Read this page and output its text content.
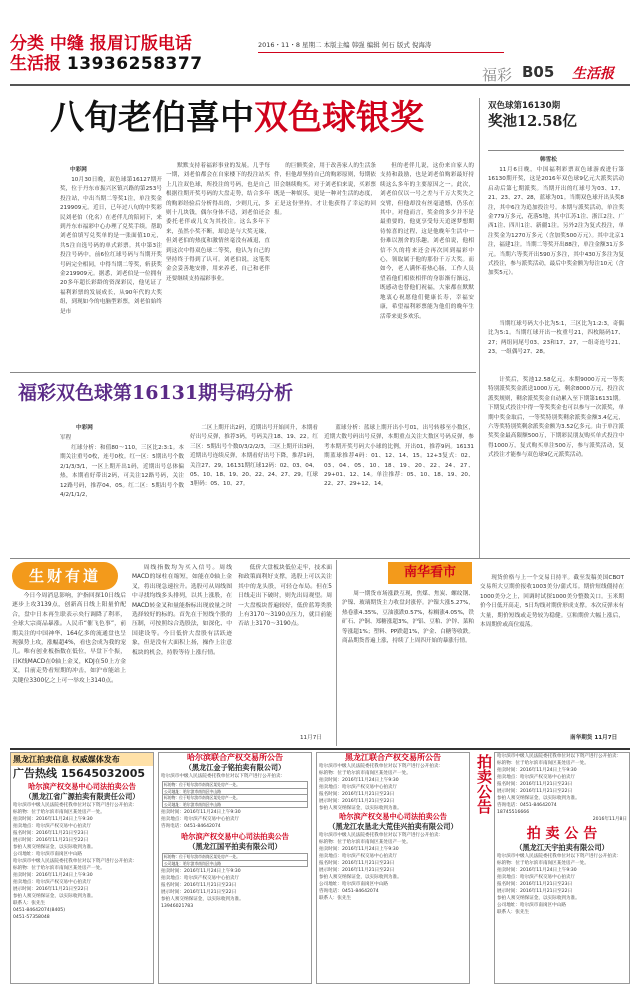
分类 中缝 报眉订版电话
生活报 13936258377
2016・11・8 星期二 本版主编 韩强 编辑 何石 版式 倪海涛
福彩 B05 生活报
八旬老伯喜中双色球银奖
中彩网

10月30日晚，双色球第16127期开奖，位于丹东市振兴区镇兴路的第253号投注站，中出当期二等奖1注，单注奖金219909元。近日，已年过八旬的中奖彩民刘老伯（化名）在老伴儿的陪同下，来到丹东市福彩中心办理了兑奖手续。帮助刘老伯填写兑奖单的是一张面值10元，共5注自选号码的单式彩票。其中第3注投注号码中，前6位红球号码与当期开奖号码完全相同，中得当期二等奖，斩获奖金219909元。据悉，刘老伯是一位拥有20多年超长彩龄的资深彩民，他见证了福利彩票的发展成长，从90年代的大奖组，到现如今的电脑型彩票，刘老伯始终是市

默默支持着福彩事业的发展。几乎每一期，刘老伯都会在自家楼下的投注站买上几注双色球，所投注的号码，也是自己根据往期开奖号码的大盘走势，结合多年的购彩经验后分析得出的，少则几元，多则十几块钱，偶尔身体不适，刘老伯还会委托老伴或儿女为其投注。这么多年下来，虽然小奖不断，却总是与大奖无缘，但刘老伯的热度和激情丝毫没有减退，直到这次中得双色球二等奖，他认为自己的坚持终于得到了认可。刘老伯说，这笔奖金会妥善地安排，用来养老，自己和老伴还要继续支持福彩事业。

的巨额奖金，用于改善家人的生活条件，但他却坚持自己的购彩原则，每期依旧会继续购买。对于刘老伯来说，买彩票既是一种娱乐，更是一种对生活的态度，正是这份坚持，才让他获得了幸运的回报。

但的老伴儿说，这份来自家人的支持和鼓励，也是刘老伯购彩最好持续这么多年的主要原因之一。此次，刘老伯仅以一号之差与千万大奖失之交臂，但他却没有丝毫遗憾，仍乐在其中。对他而言，奖金的多少并不是最重要的，他更享受每天追逐梦想期待惊喜的过程，这是他晚年生活中一份难以割舍的乐趣。刘老伯说，他相信不久的将来还会再次回到福彩中心，领取属于他的那份千万大奖。而如今，老人满怀着热心肠，工作人员望着他们相依相伴的身影渐行渐远，既感动也替他们祝福，大家都在默默地衷心祝愿他们健康长寿，幸福安康，希望福利彩票能为他们的晚年生活带来更多欢乐。

双色球第16130期
奖池12.58亿
韩雪松

11月6日晚，中国福利彩票双色球游戏进行第16130期开奖，这是2016年双色球9亿元大派奖活动启动后第七期派奖。当期开出的红球号为03、17、21、23、27、28，蓝球为01。当期双色球开出头奖8注，其中6注为追加投注号。本期与派奖活动，单注奖金779万多元，花落5地，其中江苏1注、浙江2注、广西1注、四川1注、新疆1注。另外2注为复式投注，单注奖金为1270万多元（含加奖500万元）。其中北京1注，福建1注。当期二等奖开出88注，单注金额31万多元。当期六等奖开出590万多注，其中430万多注为复式投注，参与派奖活动，最后中奖金额为每注10元（含加奖5元）。

当期红球号码大小比为5:1，三区比为1:2:3，奇偶比为5:1。当期红球开出一枚重号21，四枚隔码17、27；两组同尾号03、23和17、27，一组奇连号21、23，一组偶号27、28。

计奖后，奖池12.58亿元。本期9000万元一等奖特别派奖奖金派送1000万元，剩余8000万元，投注次派奖规则，剩余派奖奖金自动累入至下期第16131期。下期复式投注中得一等奖奖金也可以参与一次派奖，单期中奖金取后，一等奖特别奖剩余派奖金额3.4亿元，六等奖特别奖剩余派奖金额为3.52亿多元。由于单注派奖奖金最高限额500万，下期彩民朋友购买单式投注中得1000万，复式购买单注500万，参与派奖活动，复式投注才能参与双色球9亿元派奖活动。

福彩双色球第16131期号码分析
中彩网
军程

红球分析：和值80～110，三区比2:3:1。本期关注重号0枚，连号0枚。红一区：5期出号个数2/1/3/3/1，一区上期开出1码，近期出号总体偏热，本期看好带出2码，可关注12路号码，关注12路号码，推荐04、05。红二区：5期出号个数4/2/1/1/2，

二区上期开出2码，近期出号开始回升，本期看好出号反弹，推荐3码，号码关注18、19、22。红三区：5期出号个数0/3/2/2/3，三区上期开出3码，近期出号连续反弹，本期看好出号下降，推荐1码，关注27、29。16131期红球12码：02、03、04、05、10、18、19、20、22、24、27、29。红球3胆码：05、10、27。

蓝球分析：蓝球上期开出小号01，出号转移至小数区，近期大数号码出号反弹，本期重点关注大数区号码反弹，参考本期开奖号码大小球的比例，开出01，推荐9码。16131期蓝球推荐4码：01、12、14、15。12+3复式：02、03、04、05、10、18、19、20、22、24、27、29+01、12、14。单注推荐：05、10、18、19、20、22、27、29+12、14。

生财有道

今日今周消息影响，沪指回探10日线后逐步上攻3139点，创新高日线上阳量价配合，盘中日本再生联表示央行调降了利率，全球大宗商品暴涨。人民币“催飞色事”，前期关注的中国神华、164亿多的流通盘也呈现强势上攻，涨幅超4%，看也会成为我的宠儿。唯有创业板指数在低位，早盘下个振，日K线MACD在0轴上金叉，KDJ在50上方金叉，目前走势看短期的冲击，如沪市能站上关键位3300亿之上可一举攻上3140点。

周线指数均为买入信号。周线MACD的绿柱在缩短，如能在0轴上金叉，将出现急速拉升。选股可从周线图中寻找均线多头排列，以其上涨股，在MACD转金叉和量能指标出现放量之时选择较好的标的。首先在于短线个股的压制，可按照综合选股法，如深化、中国建设等。今日低价大盘股有活跃迹象，但是没有大面积上扬，操作上注意板块的机会，持股等待上涨行情。

低价大盘板块低位走牢，技术面和政策面利好支撑，选股上可以关注其中的龙头股，可轻仓布局。但在5日线走出下破时，则先出局观望。周一大盘板块普遍较好，低价蓝筹类股上有3170～3190点压力，就目前能否站上3170～3190点。

11月7日
南华看市

周一期货市场涨跌互现，焦煤、焦炭、螺纹钢、沪镍、玻璃期货主力收盘封涨停。沪镍大涨5.27%，热卷涨4.35%，豆油涨跌0.57%，棕榈涨4.05%，铁矿石、沪铜、郑糖涨超3%，沪铝、豆粕、沪锌、菜粕等涨超1%；塑料、PP跌超1%，沪金、白糖等收跌。商品期货普遍上涨，持续了上周四开始的暴涨行情。

现货价格与上一个交易日持平。截至发稿美国CBOT交易所大豆期价报收1003美分/蒲式耳。期价短线僵持在1000美分之上，回调时试探1000美分整数关口。玉米期价今日低开高走，5日均线对期价形成支撑。本次反弹未有大量，期价短线或走势较为稳健。豆粕期价大幅上涨后，本周期价或高位震荡。

南华期货 11月7日
黑龙江拍卖信息 权威媒体发布
广告热线 15645032005
哈尔滨产权交易中心司法拍卖公告
（黑龙江省广源拍卖有限责任公司）
哈尔滨市中级人民法院委托我单位对以下资产进行公开拍卖：
标的物：位于哈尔滨市南岗区某处房产一处。
拍卖时间：2016年11月24日上午9:30
拍卖地点：哈尔滨产权交易中心拍卖厅
报名时间：2016年11月21日至23日
展示时间：2016年11月21日至22日
参拍人须交纳保证金，以实际收到为准。
公司地址：哈尔滨市南岗区中山路
哈尔滨市中级人民法院委托我单位对以下资产进行公开拍卖：
标的物：位于哈尔滨市南岗区某处房产一处。
拍卖时间：2016年11月24日上午9:30
拍卖地点：哈尔滨产权交易中心拍卖厅
展示时间：2016年11月21日至22日
参拍人须交纳保证金，以实际收到为准。
联系人：张先生
0451-84642074(8405)
0451-57358048
哈尔滨联合产权交易所公告
（黑龙江金子铭拍卖有限公司）
哈尔滨市中级人民法院委托我单位对以下资产进行公开拍卖：
标的物：位于哈尔滨市南岗区某处房产一处。
公司地址：哈尔滨市南岗区中山路
标的物：位于哈尔滨市南岗区某处房产一处。
公司地址：哈尔滨市南岗区中山路
拍卖时间：2016年11月24日上午9:30
拍卖地点：哈尔滨产权交易中心拍卖厅
咨询电话：0451-84642074
哈尔滨产权交易中心司法拍卖公告
（黑龙江国平拍卖有限公司）
标的物：位于哈尔滨市南岗区某处房产一处。
公司地址：哈尔滨市南岗区中山路
拍卖时间：2016年11月24日上午9:30
拍卖地点：哈尔滨产权交易中心拍卖厅
报名时间：2016年11月21日至23日
展示时间：2016年11月21日至22日
参拍人须交纳保证金，以实际收到为准。
13946021783
黑龙江联合产权交易所公告
哈尔滨市中级人民法院委托我单位对以下资产进行公开拍卖：
标的物：位于哈尔滨市南岗区某处房产一处。
拍卖时间：2016年11月24日上午9:30
拍卖地点：哈尔滨产权交易中心拍卖厅
报名时间：2016年11月21日至23日
展示时间：2016年11月21日至22日
参拍人须交纳保证金，以实际收到为准。
哈尔滨产权交易中心司法拍卖公告
（黑龙江农垦北大荒佳兴拍卖有限公司）
哈尔滨市中级人民法院委托我单位对以下资产进行公开拍卖：
标的物：位于哈尔滨市南岗区某处房产一处。
拍卖时间：2016年11月24日上午9:30
拍卖地点：哈尔滨产权交易中心拍卖厅
报名时间：2016年11月21日至23日
展示时间：2016年11月21日至22日
参拍人须交纳保证金，以实际收到为准。
公司地址：哈尔滨市南岗区中山路
咨询电话：0451-84642074
联系人：张先生
拍卖公告 哈尔滨市中级人民法院委托我单位对以下资产进行公开拍卖：
标的物：位于哈尔滨市南岗区某处房产一处。
拍卖时间：2016年11月24日上午9:30
拍卖地点：哈尔滨产权交易中心拍卖厅
报名时间：2016年11月21日至23日
展示时间：2016年11月21日至22日
参拍人须交纳保证金，以实际收到为准。
咨询电话：0451-84642074
18745516666
2016年11月8日
拍 卖 公 告
（黑龙江天宇拍卖有限公司）
哈尔滨市中级人民法院委托我单位对以下资产进行公开拍卖：
标的物：位于哈尔滨市南岗区某处房产一处。
拍卖时间：2016年11月24日上午9:30
拍卖地点：哈尔滨产权交易中心拍卖厅
报名时间：2016年11月21日至23日
展示时间：2016年11月21日至22日
参拍人须交纳保证金，以实际收到为准。
公司地址：哈尔滨市南岗区中山路
联系人：张先生
